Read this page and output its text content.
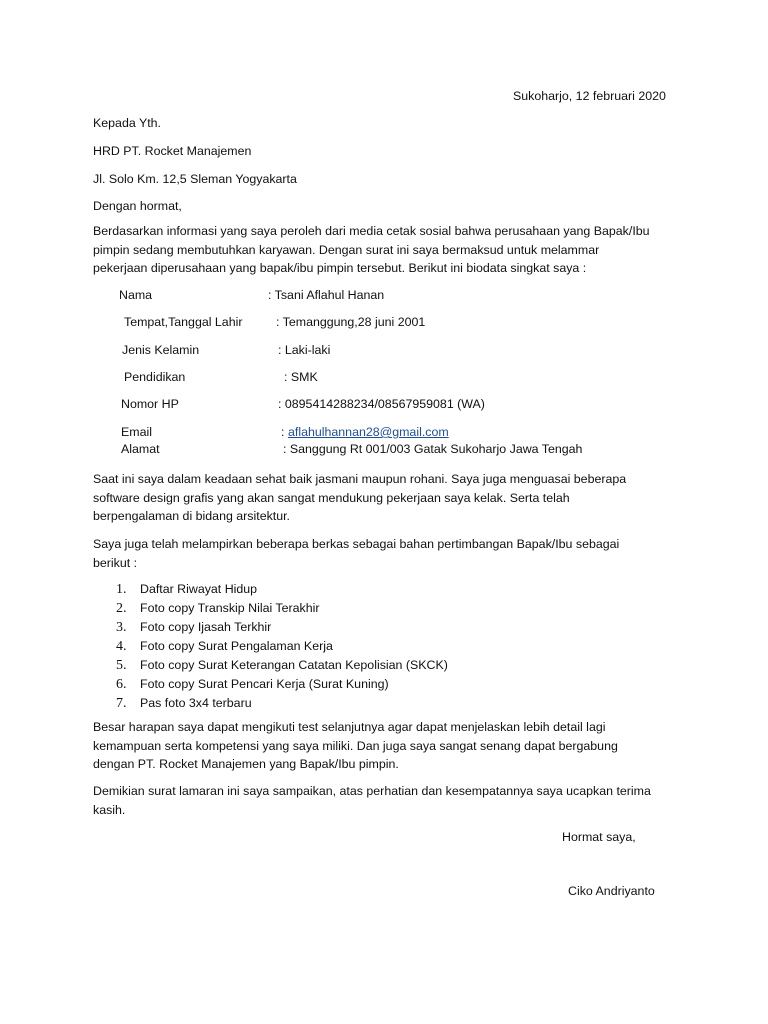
Sukoharjo, 12 februari 2020
Kepada Yth.
HRD PT. Rocket Manajemen
Jl. Solo Km. 12,5 Sleman Yogyakarta
Dengan hormat,
Berdasarkan informasi yang saya peroleh dari media cetak sosial bahwa perusahaan yang Bapak/Ibu
pimpin sedang membutuhkan karyawan. Dengan surat ini saya bermaksud untuk melammar
pekerjaan diperusahaan yang bapak/ibu pimpin tersebut. Berikut ini biodata singkat saya :
Nama	: Tsani Aflahul Hanan
Tempat,Tanggal Lahir	: Temanggung,28 juni 2001
Jenis Kelamin	: Laki-laki
Pendidikan	: SMK
Nomor HP	: 0895414288234/08567959081 (WA)
Email	: aflahulhannan28@gmail.com
Alamat	: Sanggung Rt 001/003 Gatak Sukoharjo Jawa Tengah
Saat ini saya dalam keadaan sehat baik jasmani maupun rohani. Saya juga menguasai beberapa
software design grafis yang akan sangat mendukung pekerjaan saya kelak. Serta telah
berpengalaman di bidang arsitektur.
Saya juga telah melampirkan beberapa berkas sebagai bahan pertimbangan Bapak/Ibu sebagai
berikut :
1.	Daftar Riwayat Hidup
2.	Foto copy Transkip Nilai Terakhir
3.	Foto copy Ijasah Terkhir
4.	Foto copy Surat Pengalaman Kerja
5.	Foto copy Surat Keterangan Catatan Kepolisian (SKCK)
6.	Foto copy Surat Pencari Kerja (Surat Kuning)
7.	Pas foto 3x4 terbaru
Besar harapan saya dapat mengikuti test selanjutnya agar dapat menjelaskan lebih detail lagi
kemampuan serta kompetensi yang saya miliki. Dan juga saya sangat senang dapat bergabung
dengan PT. Rocket Manajemen yang Bapak/Ibu pimpin.
Demikian surat lamaran ini saya sampaikan, atas perhatian dan kesempatannya saya ucapkan terima
kasih.
Hormat saya,
Ciko Andriyanto
